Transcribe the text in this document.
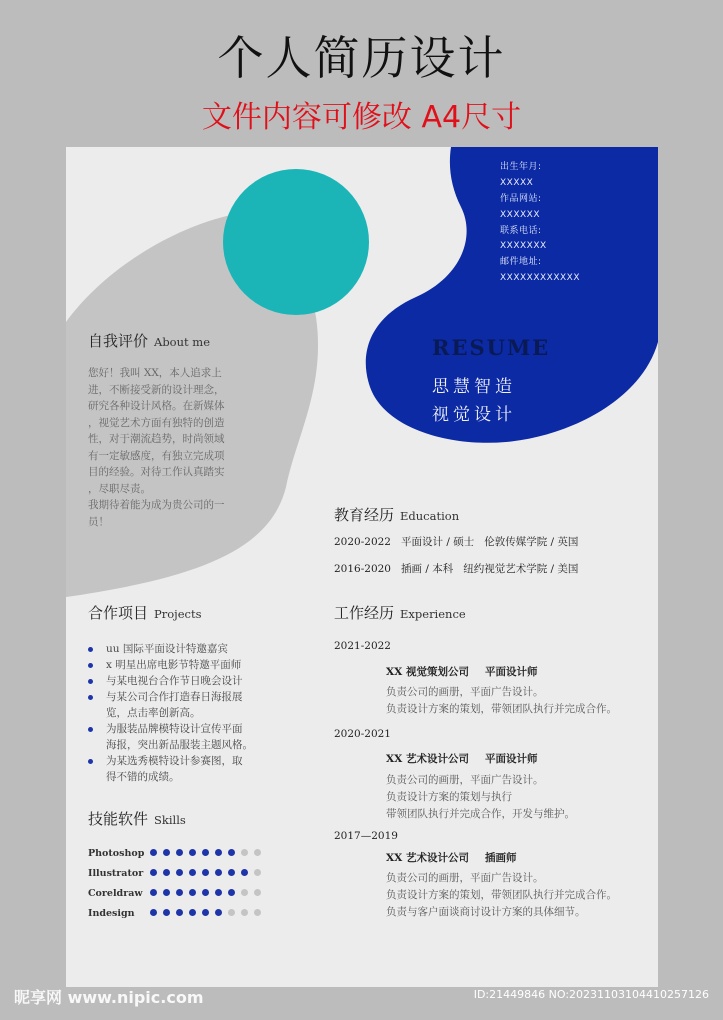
个人简历设计
文件内容可修改 A4尺寸
出生年月:
XXXXX
作品网站:
XXXXXX
联系电话:
XXXXXXX
邮件地址:
XXXXXXXXXXXX
RESUME
思慧智造
视觉设计
自我评价 About me

您好！我叫 XX，本人追求上

进，不断接受新的设计理念，

研究各种设计风格。在新媒体

，视觉艺术方面有独特的创造

性，对于潮流趋势，时尚领域

有一定敏感度，有独立完成项

目的经验。对待工作认真踏实

，尽职尽责。

我期待着能为成为贵公司的一

员！

合作项目 Projects
uu 国际平面设计特邀嘉宾
x 明星出席电影节特邀平面师
与某电视台合作节日晚会设计
与某公司合作打造春日海报展
览，点击率创新高。
为服装品牌模特设计宣传平面
海报，突出新品服装主题风格。
为某选秀模特设计参赛图，取
得不错的成绩。
技能软件 Skills
Photoshop
Illustrator
Coreldraw
Indesign
教育经历 Education
2020-2022 平面设计 / 硕士 伦敦传媒学院 / 英国
2016-2020 插画 / 本科 纽约视觉艺术学院 / 美国
工作经历 Experience
2021-2022
XX 视觉策划公司 平面设计师
负责公司的画册，平面广告设计。
负责设计方案的策划，带领团队执行并完成合作。
2020-2021
XX 艺术设计公司 平面设计师
负责公司的画册，平面广告设计。
负责设计方案的策划与执行
带领团队执行并完成合作，开发与维护。
2017—2019
XX 艺术设计公司 插画师
负责公司的画册，平面广告设计。
负责设计方案的策划，带领团队执行并完成合作。
负责与客户面谈商讨设计方案的具体细节。
昵享网 www.nipic.com	ID:21449846 NO:20231103104410257126
